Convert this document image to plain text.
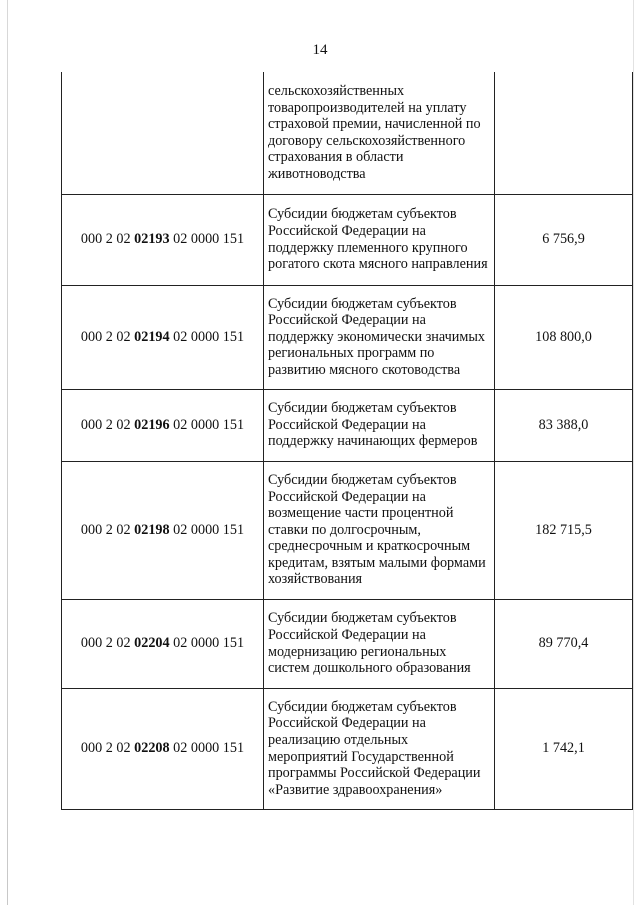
14
	сельскохозяйственных товаропроизводителей на уплату страховой премии, начисленной по договору сельскохозяйственного страхования в области животноводства	
000 2 02 02193 02 0000 151	Субсидии бюджетам субъектов Российской Федерации на поддержку племенного крупного рогатого скота мясного направления	6 756,9
000 2 02 02194 02 0000 151	Субсидии бюджетам субъектов Российской Федерации на поддержку экономически значимых региональных программ по развитию мясного скотоводства	108 800,0
000 2 02 02196 02 0000 151	Субсидии бюджетам субъектов Российской Федерации на поддержку начинающих фермеров	83 388,0
000 2 02 02198 02 0000 151	Субсидии бюджетам субъектов Российской Федерации на возмещение части процентной ставки по долгосрочным, среднесрочным и краткосрочным кредитам, взятым малыми формами хозяйствования	182 715,5
000 2 02 02204 02 0000 151	Субсидии бюджетам субъектов Российской Федерации на модернизацию региональных систем дошкольного образования	89 770,4
000 2 02 02208 02 0000 151	Субсидии бюджетам субъектов Российской Федерации на реализацию отдельных мероприятий Государственной программы Российской Федерации «Развитие здравоохранения»	1 742,1
